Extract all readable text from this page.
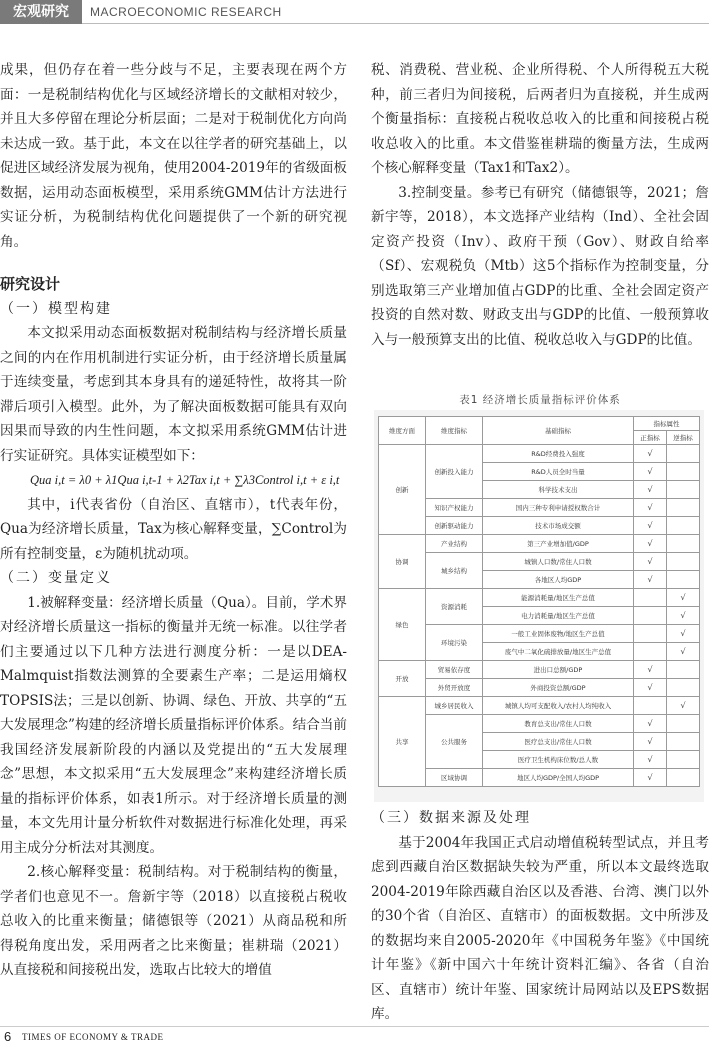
宏观研究	MACROECONOMIC RESEARCH

成果，但仍存在着一些分歧与不足，主要表现在两个方面：一是税制结构优化与区域经济增长的文献相对较少，并且大多停留在理论分析层面；二是对于税制优化方向尚未达成一致。基于此，本文在以往学者的研究基础上，以促进区域经济发展为视角，使用2004-2019年的省级面板数据，运用动态面板模型，采用系统GMM估计方法进行实证分析，为税制结构优化问题提供了一个新的研究视角。

研究设计

（一）模型构建

本文拟采用动态面板数据对税制结构与经济增长质量之间的内在作用机制进行实证分析，由于经济增长质量属于连续变量，考虑到其本身具有的递延特性，故将其一阶滞后项引入模型。此外，为了解决面板数据可能具有双向因果而导致的内生性问题，本文拟采用系统GMM估计进行实证研究。具体实证模型如下：

Qua i,t = λ0 + λ1Qua i,t-1 + λ2Tax i,t + ∑λ3Control i,t + ε i,t

其中，i代表省份（自治区、直辖市），t代表年份，Qua为经济增长质量，Tax为核心解释变量，∑Control为所有控制变量，ε为随机扰动项。

（二）变量定义

1.被解释变量：经济增长质量（Qua）。目前，学术界对经济增长质量这一指标的衡量并无统一标准。以往学者们主要通过以下几种方法进行测度分析：一是以DEA-Malmquist指数法测算的全要素生产率；二是运用熵权TOPSIS法；三是以创新、协调、绿色、开放、共享的“五大发展理念”构建的经济增长质量指标评价体系。结合当前我国经济发展新阶段的内涵以及党提出的“五大发展理念”思想，本文拟采用“五大发展理念”来构建经济增长质量的指标评价体系，如表1所示。对于经济增长质量的测量，本文先用计量分析软件对数据进行标准化处理，再采用主成分分析法对其测度。

2.核心解释变量：税制结构。对于税制结构的衡量，学者们也意见不一。詹新宇等（2018）以直接税占税收总收入的比重来衡量；储德银等（2021）从商品税和所得税角度出发，采用两者之比来衡量；崔耕瑞（2021）从直接税和间接税出发，选取占比较大的增值

税、消费税、营业税、企业所得税、个人所得税五大税种，前三者归为间接税，后两者归为直接税，并生成两个衡量指标：直接税占税收总收入的比重和间接税占税收总收入的比重。本文借鉴崔耕瑞的衡量方法，生成两个核心解释变量（Tax1和Tax2）。

3.控制变量。参考已有研究（储德银等，2021；詹新宇等，2018），本文选择产业结构（Ind）、全社会固定资产投资（Inv）、政府干预（Gov）、财政自给率（Sf）、宏观税负（Mtb）这5个指标作为控制变量，分别选取第三产业增加值占GDP的比重、全社会固定资产投资的自然对数、财政支出与GDP的比值、一般预算收入与一般预算支出的比值、税收总收入与GDP的比值。

表1 经济增长质量指标评价体系
维度方面	维度指标	基础指标	指标属性	
			正指标	逆指标
创新	创新投入能力	R&D经费投入强度	√	
		R&D人员全时当量	√	
		科学技术支出	√	
	知识产权能力	国内三种专利申请授权数合计	√	
	创新驱动能力	技术市场成交额	√	
协调	产业结构	第三产业增加值/GDP	√	
	城乡结构	城镇人口数/常住人口数	√	
		各地区人均GDP	√	
绿色	资源消耗	能源消耗量/地区生产总值		√
		电力消耗量/地区生产总值		√
	环境污染	一般工业固体废物/地区生产总值		√
		废气中二氧化硫排放量/地区生产总值		√
开放	贸易依存度	进出口总额/GDP	√	
	外贸开放度	外商投资总额/GDP	√	
共享	城乡居民收入	城镇人均可支配收入/农村人均纯收入		√
	公共服务	教育总支出/常住人口数	√	
		医疗总支出/常住人口数	√	
		医疗卫生机构床位数/总人数	√	
	区域协调	地区人均GDP/全国人均GDP	√	

（三）数据来源及处理

基于2004年我国正式启动增值税转型试点，并且考虑到西藏自治区数据缺失较为严重，所以本文最终选取2004-2019年除西藏自治区以及香港、台湾、澳门以外的30个省（自治区、直辖市）的面板数据。文中所涉及的数据均来自2005-2020年《中国税务年鉴》《中国统计年鉴》《新中国六十年统计资料汇编》、各省（自治区、直辖市）统计年鉴、国家统计局网站以及EPS数据库。

6 TIMES OF ECONOMY & TRADE
